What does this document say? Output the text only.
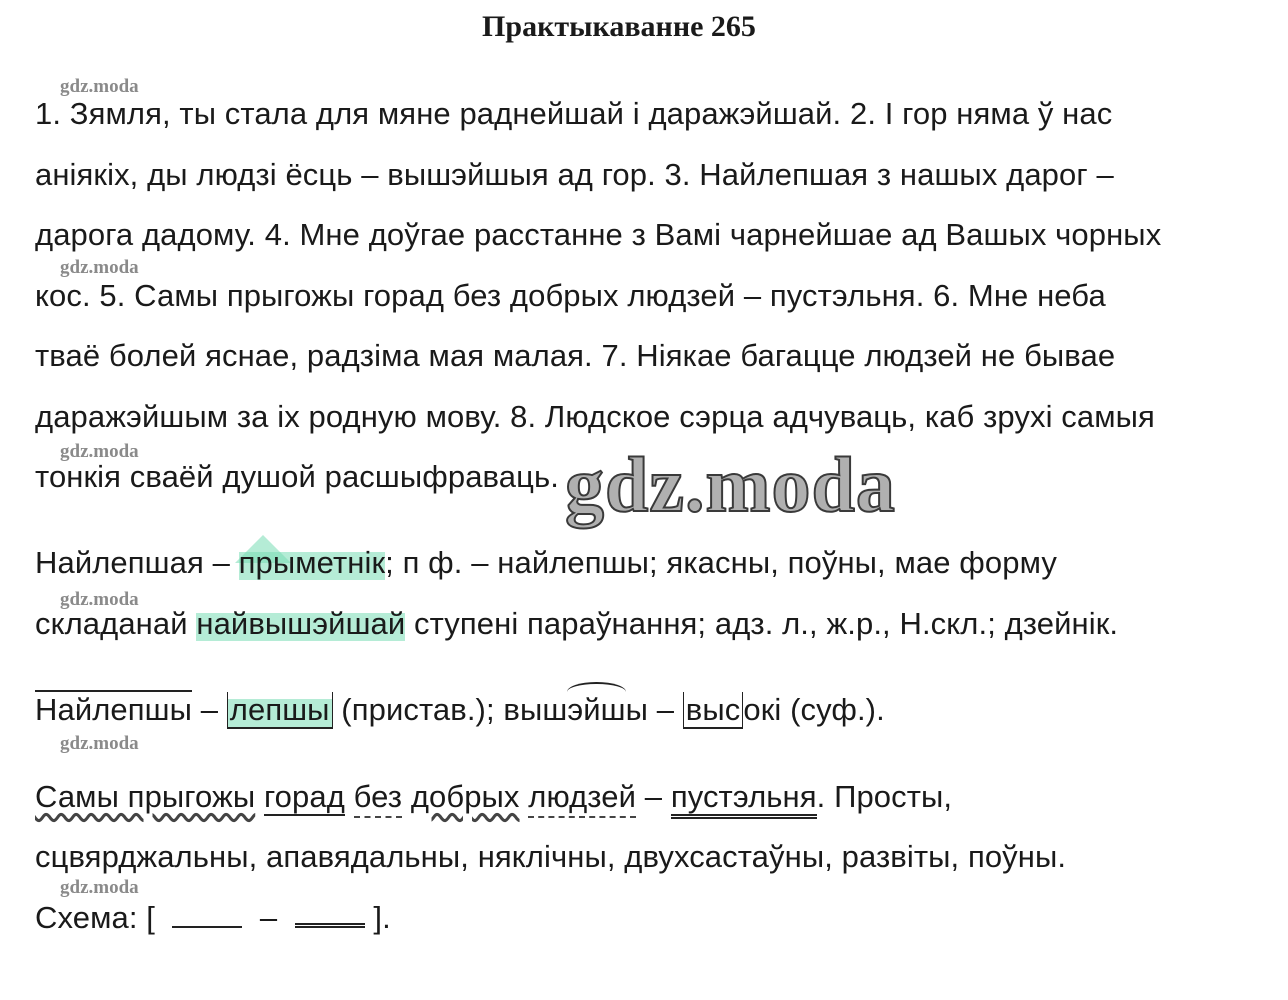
Практыкаванне 265
gdz.moda
gdz.moda
gdz.moda
gdz.moda
gdz.moda
gdz.moda
1. Зямля, ты стала для мяне раднейшай і даражэйшай. 2. І гор няма ў нас
аніякіх, ды людзі ёсць – вышэйшыя ад гор. 3. Найлепшая з нашых дарог –
дарога дадому. 4. Мне доўгае расстанне з Вамі чарнейшае ад Вашых чорных
кос. 5. Самы прыгожы горад без добрых людзей – пустэльня. 6. Мне неба
тваё болей яснае, радзіма мая малая. 7. Ніякае багацце людзей не бывае
даражэйшым за іх родную мову. 8. Людское сэрца адчуваць, каб зрухі самыя
тонкія сваёй душой расшыфраваць.
Найлепшая – прыметнік; п ф. – найлепшы; якасны, поўны, мае форму
складанай найвышэйшай ступені параўнання; адз. л., ж.р., Н.скл.; дзейнік.
Найлепшы – лепшы (пристав.); вышэйшы – высокі (суф.).
Самы прыгожы горад без добрых людзей – пустэльня. Просты,
сцвярджальны, апавядальны, няклічны, двухсастаўны, развіты, поўны.
Схема: [	–	].
gdz.moda
